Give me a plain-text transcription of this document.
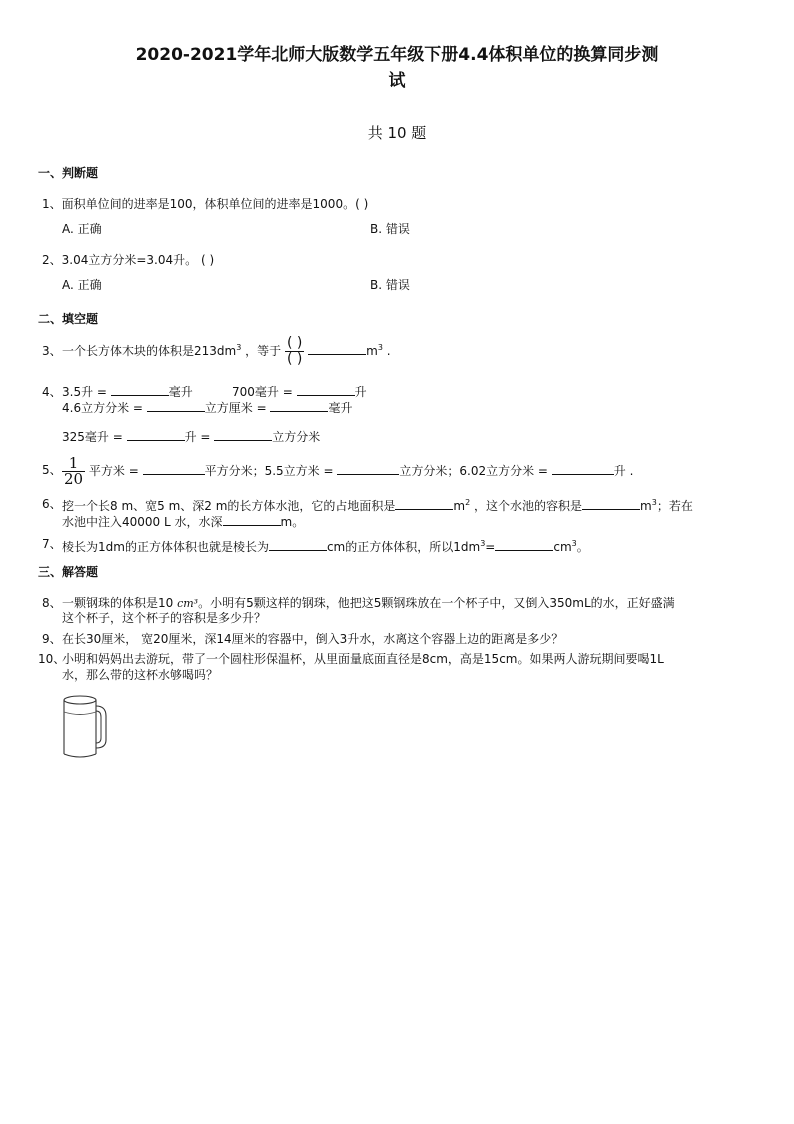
2020-2021学年北师大版数学五年级下册4.4体积单位的换算同步测
试
共 10 题
一、判断题
1、面积单位间的进率是100，体积单位间的进率是1000。( )
A. 正确	B. 错误
2、3.04立方分米=3.04升。 ( )
A. 正确	B. 错误
二、填空题
3、 一个长方体木块的体积是$213dm^3$ ，等于 $\frac{( )}{( )}$	$m^3$ .
4、 3.5升 =	毫升	700毫升 =	升
4.6立方分米 =	立方厘米 =	毫升
325毫升 =	升 =	立方分米
5、 $\frac{1}{20}$ 平方米 =	平方分米；5.5立方米 =	立方分米；6.02立方分米 =	升 .
6、 挖一个长8 m、宽5 m、深2 m的长方体水池，它的占地面积是	$m^2$ ，这个水池的容积是	$m^3$；若在
水池中注入40000 L 水，水深	m。
7、 棱长为1dm的正方体体积也就是棱长为	cm的正方体体积，所以$1dm^3=$	$cm^3$。
三、解答题
8、 一颗钢珠的体积是10 cm³。小明有5颗这样的钢珠，他把这5颗钢珠放在一个杯子中，又倒入350mL的水，正好盛满
这个杯子，这个杯子的容积是多少升？
9、 在长30厘米， 宽20厘米，深14厘米的容器中，倒入3升水，水离这个容器上边的距离是多少？
10、
小明和妈妈出去游玩，带了一个圆柱形保温杯，从里面量底面直径是8cm，高是15cm。如果两人游玩期间要喝1L
水，那么带的这杯水够喝吗？
